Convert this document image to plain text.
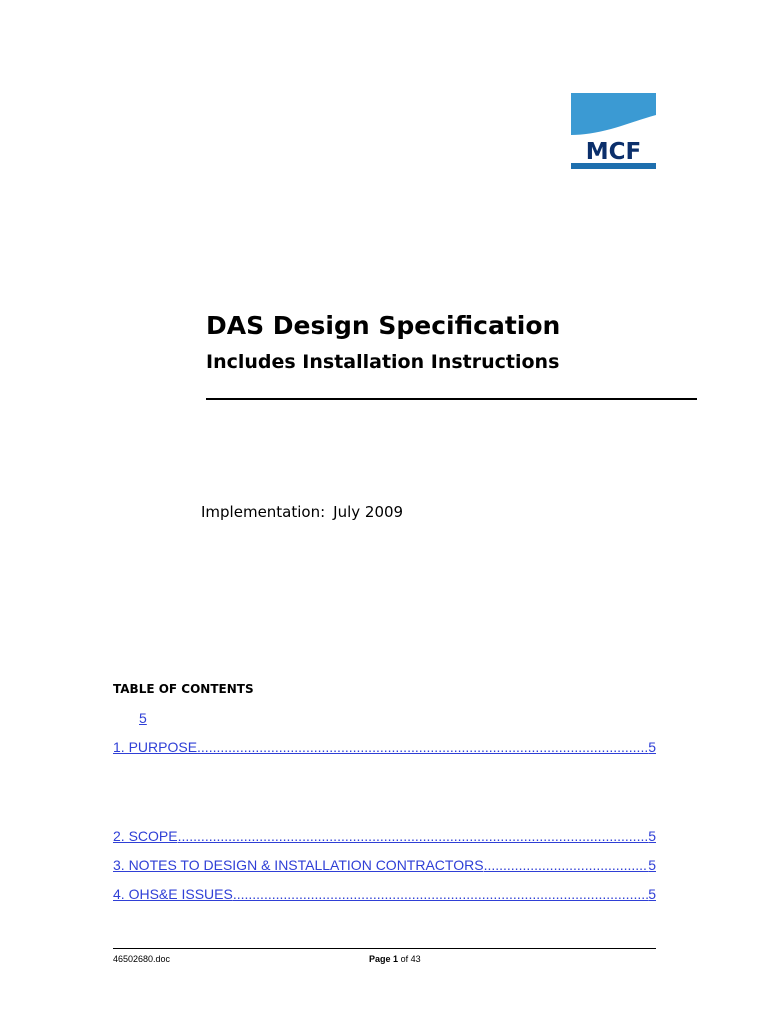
MCF
DAS Design Specification
Includes Installation Instructions
Implementation: July 2009
TABLE OF CONTENTS
5
1. PURPOSE .....	5
2. SCOPE .....	5
3. NOTES TO DESIGN & INSTALLATION CONTRACTORS .....	5
4. OHS&E ISSUES .....	5
46502680.doc	Page 1 of 43
